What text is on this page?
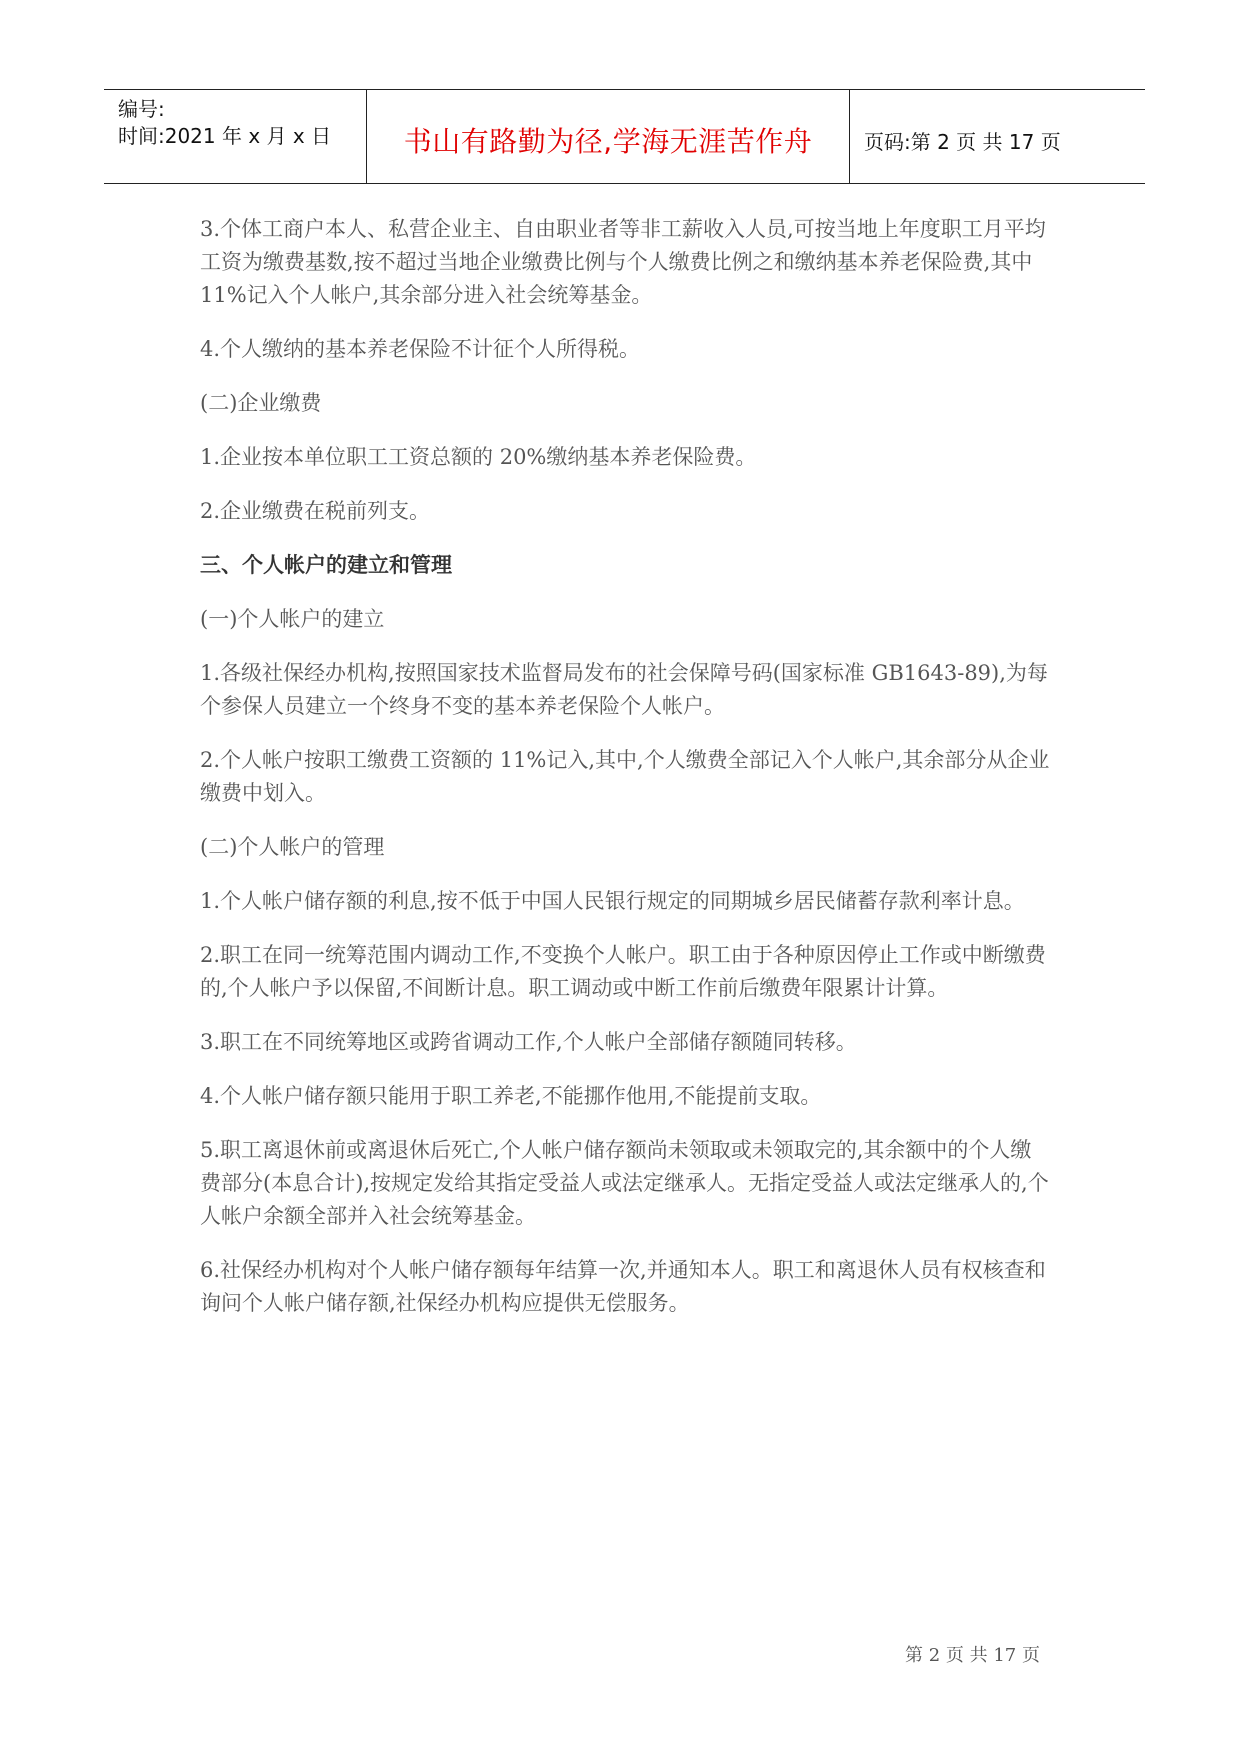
编号:
时间:2021 年 x 月 x 日	书山有路勤为径,学海无涯苦作舟	页码:第 2 页 共 17 页

3.个体工商户本人、私营企业主、自由职业者等非工薪收入人员,可按当地上年度职工月平均工资为缴费基数,按不超过当地企业缴费比例与个人缴费比例之和缴纳基本养老保险费,其中 11%记入个人帐户,其余部分进入社会统筹基金。

4.个人缴纳的基本养老保险不计征个人所得税。

(二)企业缴费

1.企业按本单位职工工资总额的 20%缴纳基本养老保险费。

2.企业缴费在税前列支。

三、个人帐户的建立和管理

(一)个人帐户的建立

1.各级社保经办机构,按照国家技术监督局发布的社会保障号码(国家标准 GB1643-89),为每个参保人员建立一个终身不变的基本养老保险个人帐户。

2.个人帐户按职工缴费工资额的 11%记入,其中,个人缴费全部记入个人帐户,其余部分从企业缴费中划入。

(二)个人帐户的管理

1.个人帐户储存额的利息,按不低于中国人民银行规定的同期城乡居民储蓄存款利率计息。

2.职工在同一统筹范围内调动工作,不变换个人帐户。职工由于各种原因停止工作或中断缴费的,个人帐户予以保留,不间断计息。职工调动或中断工作前后缴费年限累计计算。

3.职工在不同统筹地区或跨省调动工作,个人帐户全部储存额随同转移。

4.个人帐户储存额只能用于职工养老,不能挪作他用,不能提前支取。

5.职工离退休前或离退休后死亡,个人帐户储存额尚未领取或未领取完的,其余额中的个人缴费部分(本息合计),按规定发给其指定受益人或法定继承人。无指定受益人或法定继承人的,个人帐户余额全部并入社会统筹基金。

6.社保经办机构对个人帐户储存额每年结算一次,并通知本人。职工和离退休人员有权核查和询问个人帐户储存额,社保经办机构应提供无偿服务。

第 2 页 共 17 页
